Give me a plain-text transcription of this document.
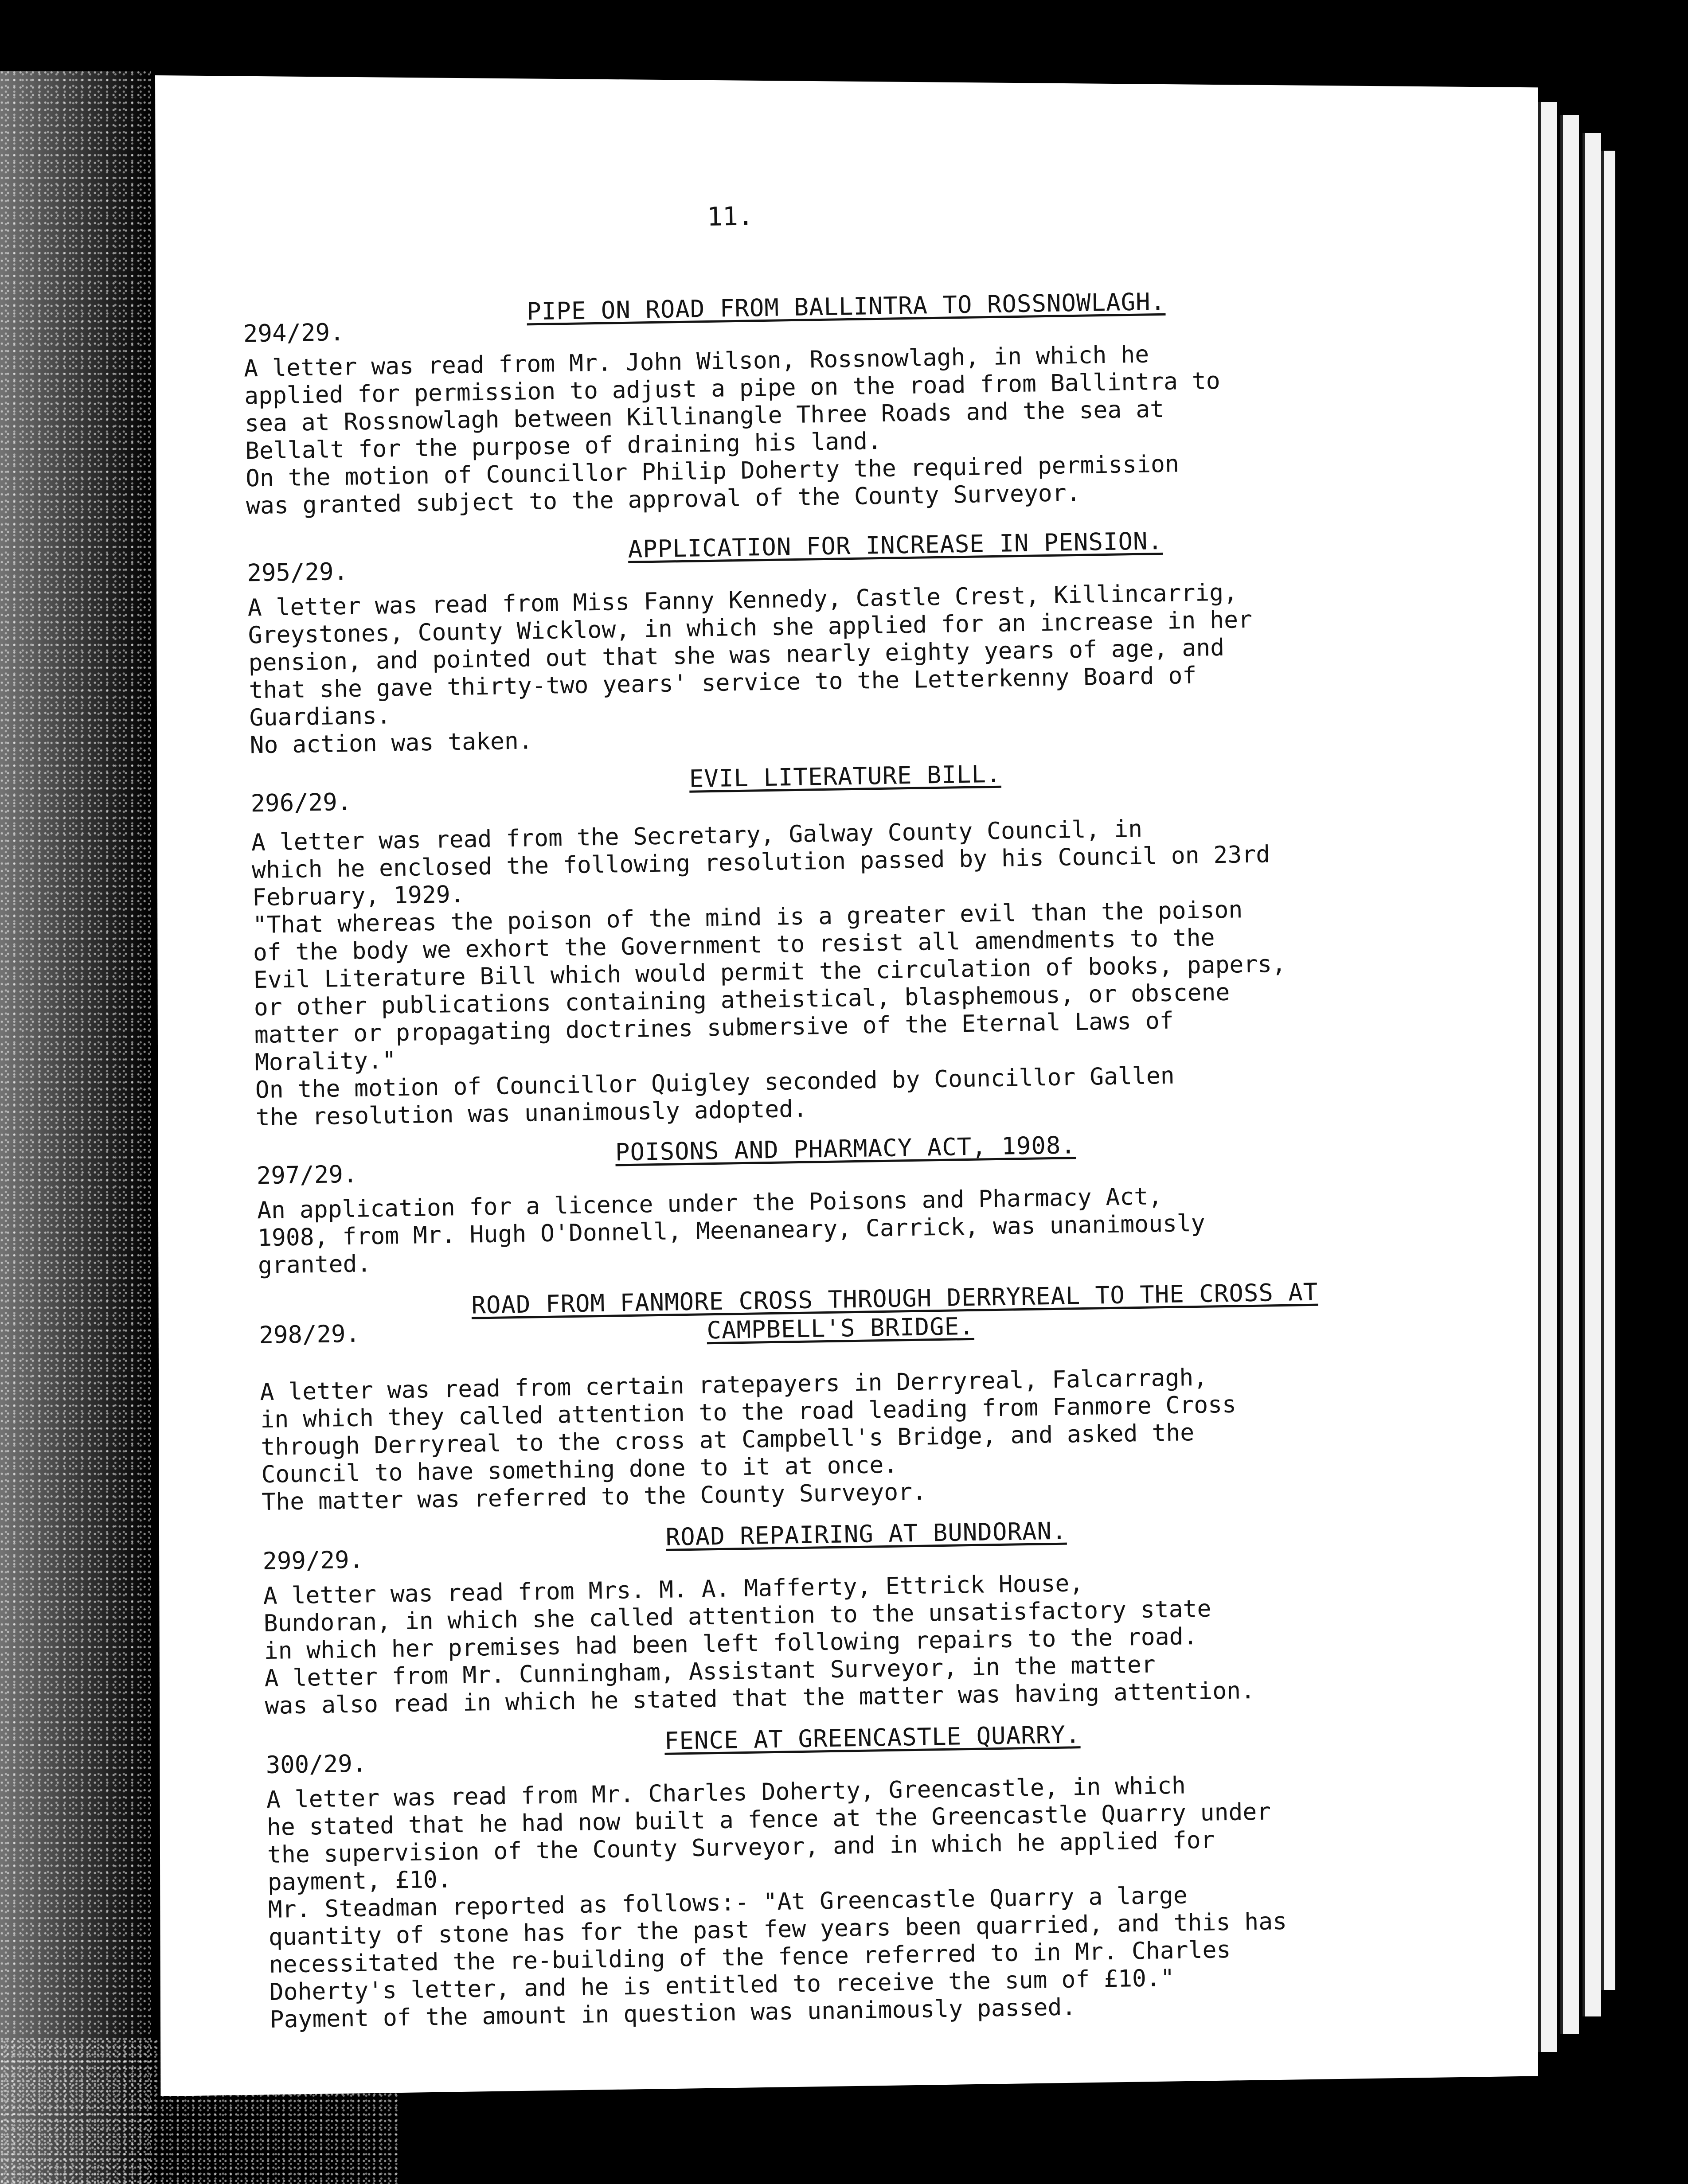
11.
294/29.
PIPE ON ROAD FROM BALLINTRA TO ROSSNOWLAGH.

A letter was read from Mr. John Wilson, Rossnowlagh, in which he
applied for permission to adjust a pipe on the road from Ballintra to
sea at Rossnowlagh between Killinangle Three Roads and the sea at
Bellalt for the purpose of draining his land.
On the motion of Councillor Philip Doherty the required permission
was granted subject to the approval of the County Surveyor.

295/29.
APPLICATION FOR INCREASE IN PENSION.

A letter was read from Miss Fanny Kennedy, Castle Crest, Killincarrig,
Greystones, County Wicklow, in which she applied for an increase in her
pension, and pointed out that she was nearly eighty years of age, and
that she gave thirty-two years' service to the Letterkenny Board of
Guardians.
No action was taken.

296/29.
EVIL LITERATURE BILL.

A letter was read from the Secretary, Galway County Council, in
which he enclosed the following resolution passed by his Council on 23rd
February, 1929.
"That whereas the poison of the mind is a greater evil than the poison
of the body we exhort the Government to resist all amendments to the
Evil Literature Bill which would permit the circulation of books, papers,
or other publications containing atheistical, blasphemous, or obscene
matter or propagating doctrines submersive of the Eternal Laws of
Morality."
On the motion of Councillor Quigley seconded by Councillor Gallen
the resolution was unanimously adopted.

297/29.
POISONS AND PHARMACY ACT, 1908.

An application for a licence under the Poisons and Pharmacy Act,
1908, from Mr. Hugh O'Donnell, Meenaneary, Carrick, was unanimously
granted.

298/29.
ROAD FROM FANMORE CROSS THROUGH DERRYREAL TO THE CROSS AT
CAMPBELL'S BRIDGE.

A letter was read from certain ratepayers in Derryreal, Falcarragh,
in which they called attention to the road leading from Fanmore Cross
through Derryreal to the cross at Campbell's Bridge, and asked the
Council to have something done to it at once.
The matter was referred to the County Surveyor.

299/29.
ROAD REPAIRING AT BUNDORAN.

A letter was read from Mrs. M. A. Mafferty, Ettrick House,
Bundoran, in which she called attention to the unsatisfactory state
in which her premises had been left following repairs to the road.
A letter from Mr. Cunningham, Assistant Surveyor, in the matter
was also read in which he stated that the matter was having attention.

300/29.
FENCE AT GREENCASTLE QUARRY.

A letter was read from Mr. Charles Doherty, Greencastle, in which
he stated that he had now built a fence at the Greencastle Quarry under
the supervision of the County Surveyor, and in which he applied for
payment, £10.
Mr. Steadman reported as follows:- "At Greencastle Quarry a large
quantity of stone has for the past few years been quarried, and this has
necessitated the re-building of the fence referred to in Mr. Charles
Doherty's letter, and he is entitled to receive the sum of £10."
Payment of the amount in question was unanimously passed.
